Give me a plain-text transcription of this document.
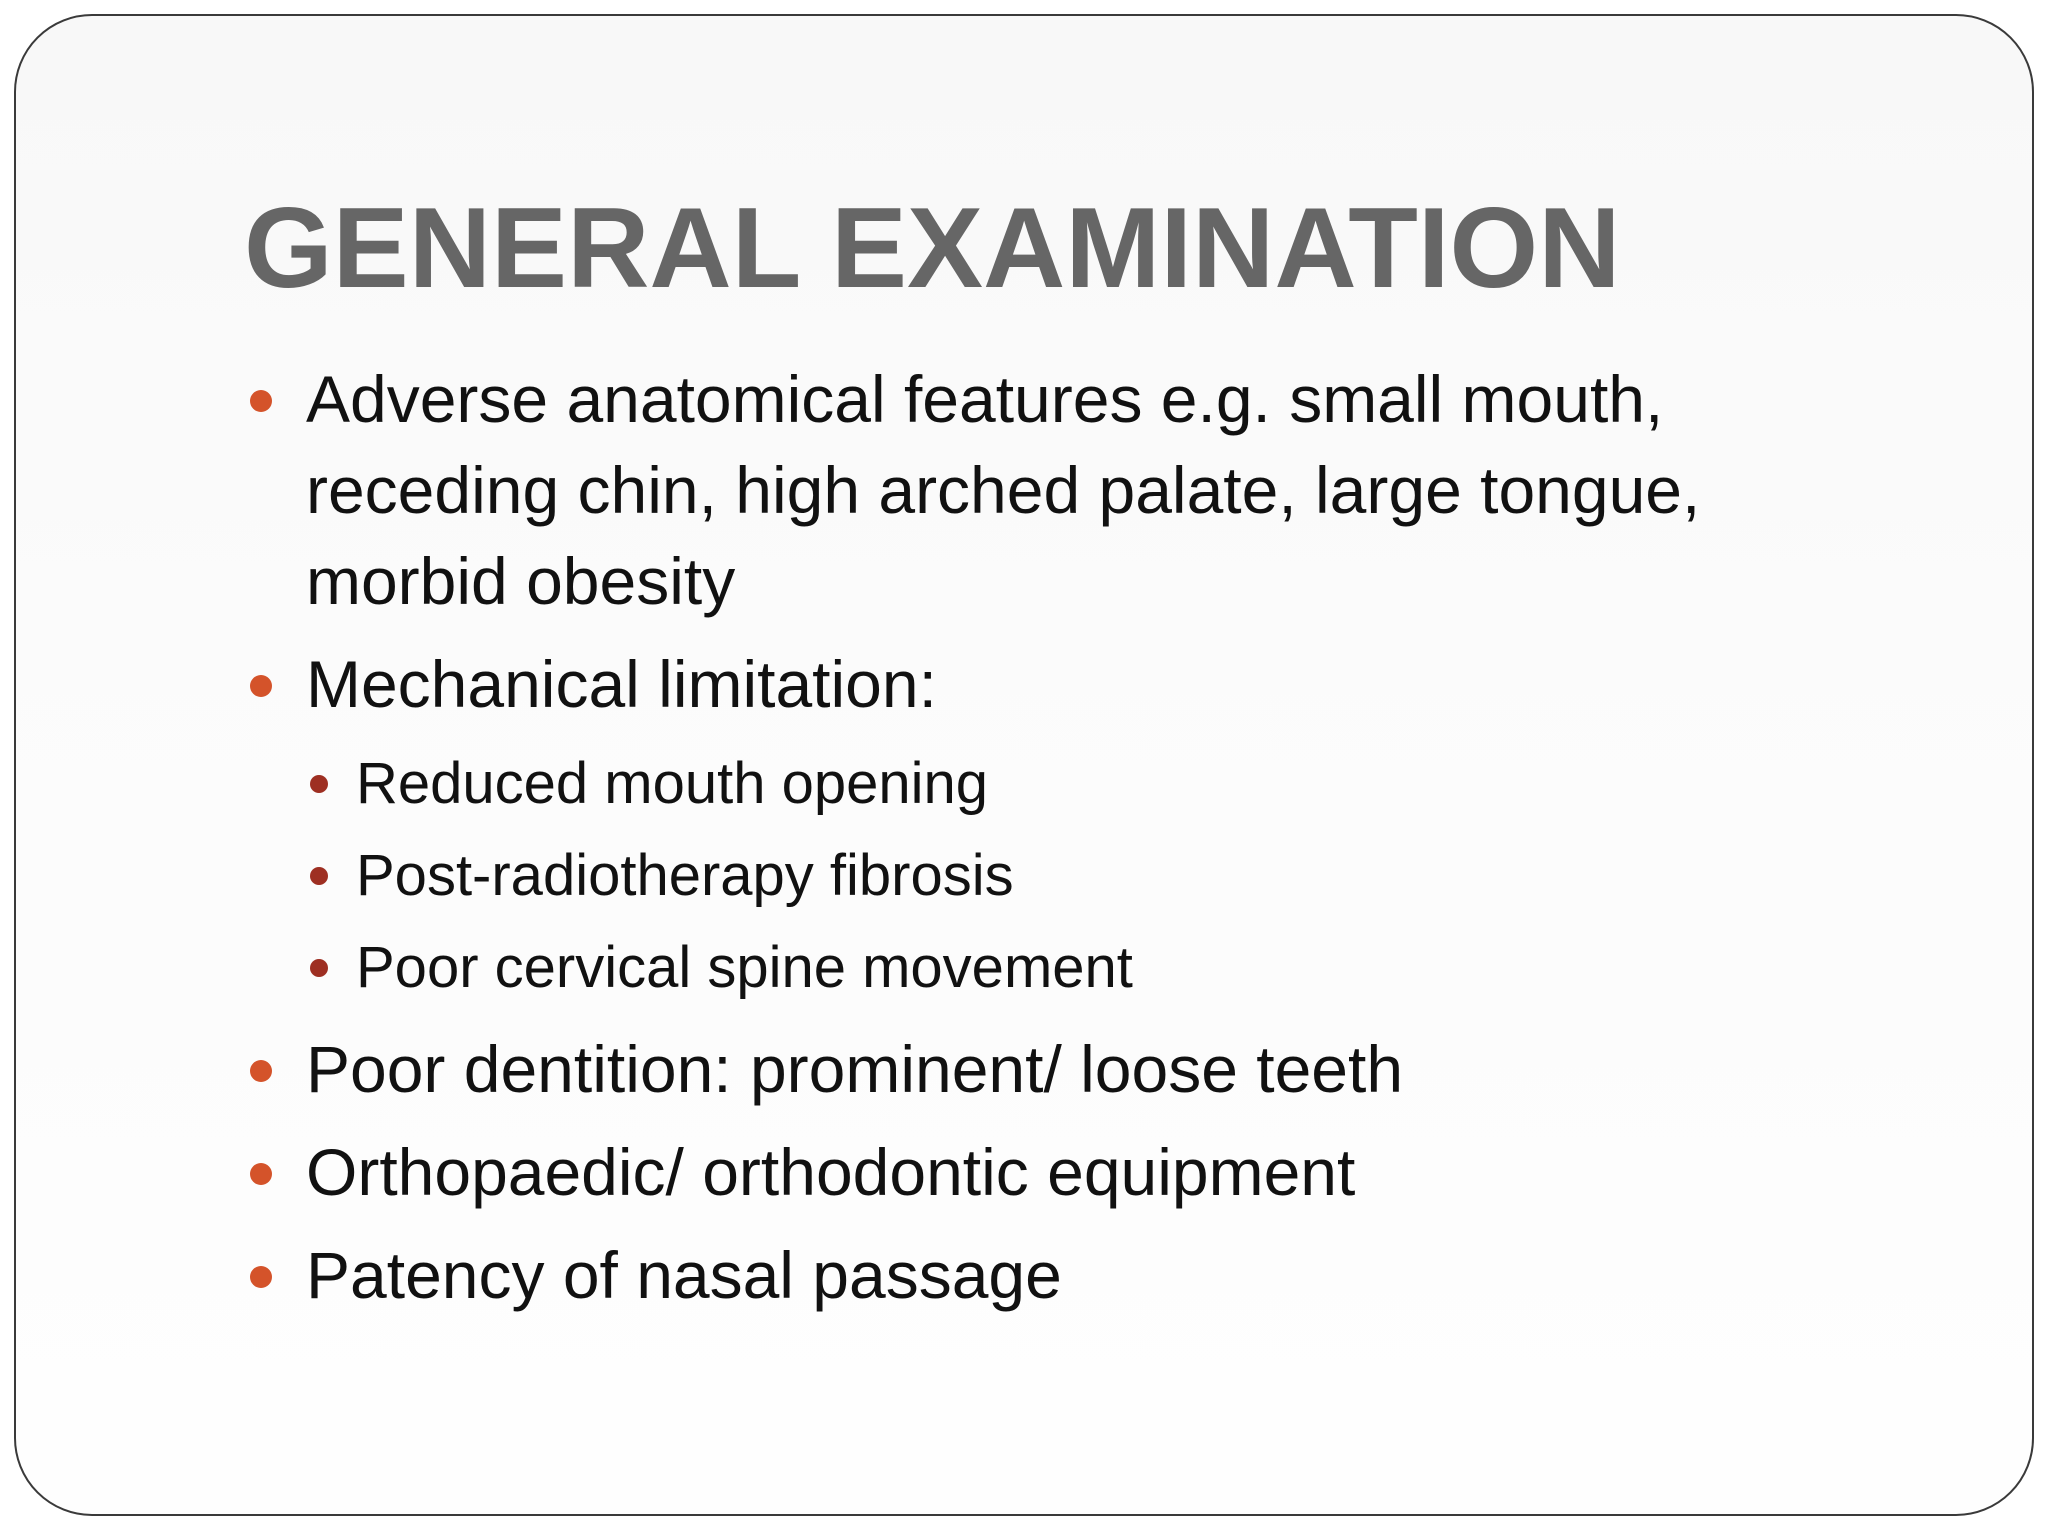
GENERAL EXAMINATION
Adverse anatomical features e.g. small mouth, receding chin, high arched palate, large tongue, morbid obesity
Mechanical limitation:
Reduced mouth opening
Post-radiotherapy fibrosis
Poor cervical spine movement
Poor dentition: prominent/ loose teeth
Orthopaedic/ orthodontic equipment
Patency of nasal passage
